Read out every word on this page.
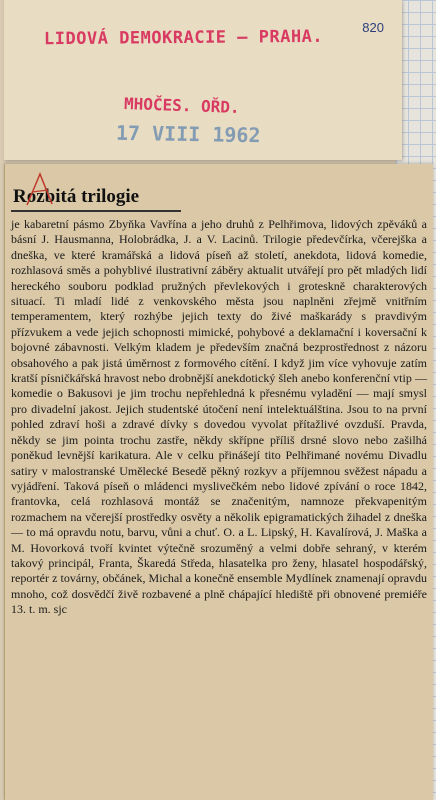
820
LIDOVÁ DEMOKRACIE — PRAHA.
MHOČES. OŘD.
17 VIII 1962
Rozbitá trilogie

je kabaretní pásmo Zbyňka Vavřína a jeho druhů z Pelhřimova, lidových zpěváků a básní J. Hausmanna, Holobrádka, J. a V. Lacinů. Trilogie předevčírka, včerejška a dneška, ve které kramářská a lidová píseň až století, anekdota, lidová komedie, rozhlasová směs a pohyblivé ilustrativní záběry aktualit utvářejí pro pět mladých lidí hereckého souboru podklad pružných převlekových i groteskně charakterových situací. Ti mladí lidé z venkovského města jsou naplněni zřejmě vnitřním temperamentem, který rozhýbe jejich texty do živé maškarády s pravdivým přízvukem a vede jejich schopnosti mimické, pohybové a deklamační i koversační k bojovné zábavnosti. Velkým kladem je především značná bezprostřednost z názoru obsahového a pak jistá úměrnost z formového cítění. I když jim více vyhovuje zatím kratší písničkářská hravost nebo drobnější anekdotický šleh anebo konferenční vtip — komedie o Bakusovi je jim trochu nepřehledná k přesnému vyladění — mají smysl pro divadelní jakost. Jejich studentské útočení není intelektuálština. Jsou to na první pohled zdraví hoši a zdravé dívky s dovedou vyvolat přítažlivé ovzduší. Pravda, někdy se jim pointa trochu zastře, někdy skřípne příliš drsné slovo nebo zašilhá poněkud levnější karikatura. Ale v celku přinášejí tito Pelhřimané novému Divadlu satiry v malostranské Umělecké Besedě pěkný rozkyv a příjemnou svěžest nápadu a vyjádření. Taková píseň o mládenci myslivečkém nebo lidové zpívání o roce 1842, frantovka, celá rozhlasová montáž se značenitým, namnoze překvapenitým rozmachem na včerejší prostředky osvěty a několik epigramatických žihadel z dneška — to má opravdu notu, barvu, vůni a chuť. O. a L. Lipský, H. Kavalírová, J. Maška a M. Hovorková tvoří kvintet výtečně srozuměný a velmi dobře sehraný, v kterém takový principál, Franta, Škaredá Středa, hlasatelka pro ženy, hlasatel hospodářský, reportér z továrny, občánek, Michal a konečně ensemble Mydlínek znamenají opravdu mnoho, což dosvědčí živě rozbavené a plně chápající hlediště při obnovené premiéře 13. t. m. sjc
